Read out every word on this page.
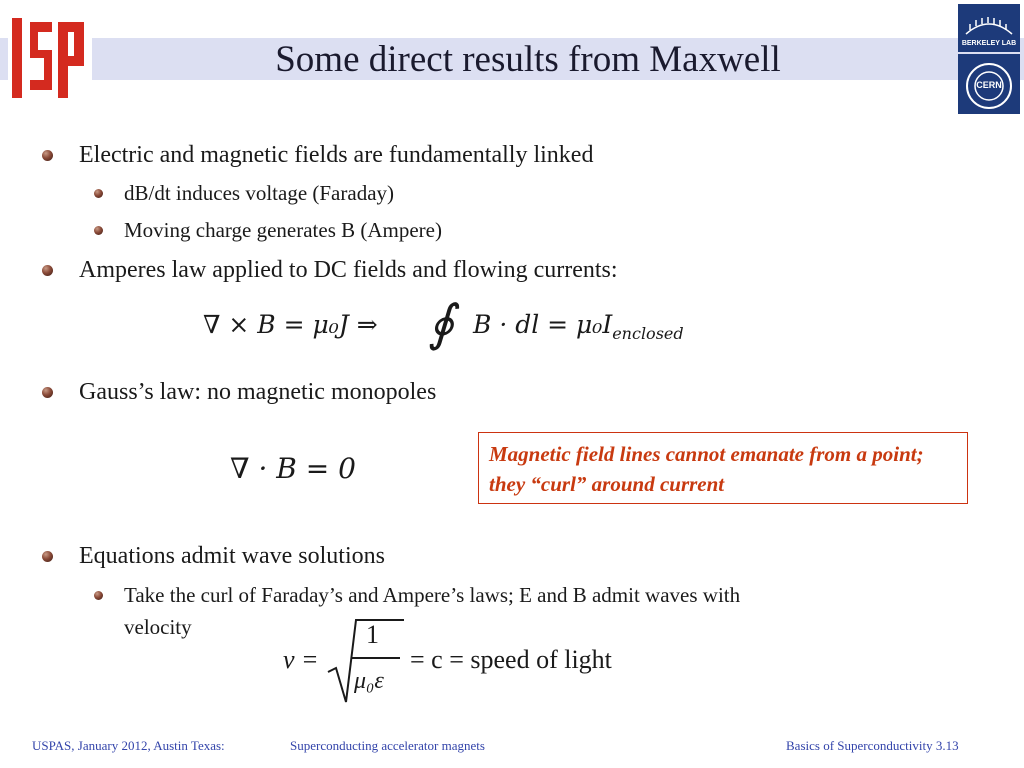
Some direct results from Maxwell	BERKELEY LAB
CERN
Electric and magnetic fields are fundamentally linked
dB/dt induces voltage (Faraday)
Moving charge generates B (Ampere)
Amperes law applied to DC fields and flowing currents:
∇ × B = μ₀J ⇒ ∮ B · dl = $\mu_0I_{enclosed}$
Gauss’s law: no magnetic monopoles
∇ · B = 0	Magnetic field lines cannot emanate from a point; they “curl” around current
Equations admit wave solutions
Take the curl of Faraday’s and Ampere’s laws; E and B admit waves with
velocity
v =
1
μ₀ε
= c = speed of light
USPAS, January 2012, Austin Texas:	Superconducting accelerator magnets	Basics of Superconductivity 3.13
